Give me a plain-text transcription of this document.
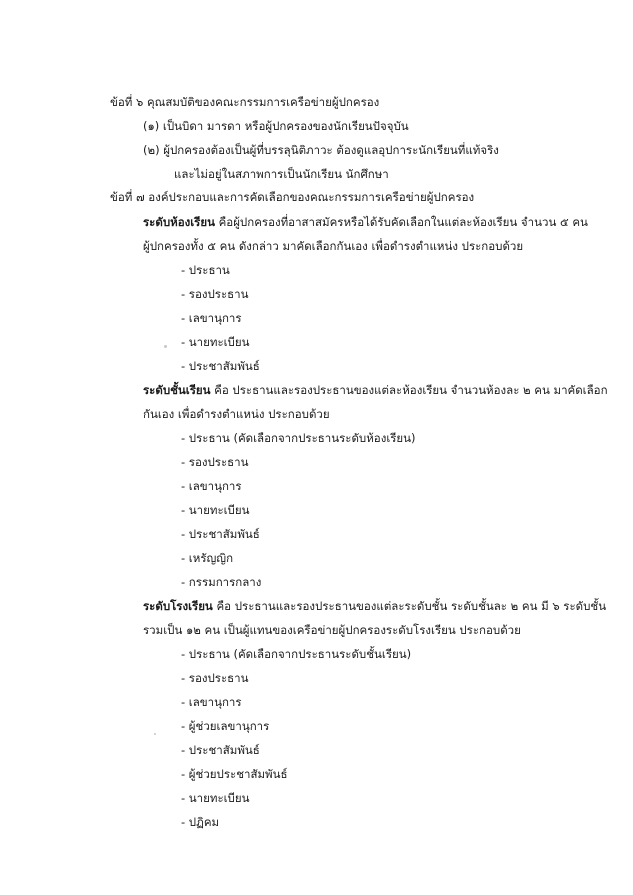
ข้อที่ ๖ คุณสมบัติของคณะกรรมการเครือข่ายผู้ปกครอง
(๑) เป็นบิดา มารดา หรือผู้ปกครองของนักเรียนปัจจุบัน
(๒) ผู้ปกครองต้องเป็นผู้ที่บรรลุนิติภาวะ ต้องดูแลอุปการะนักเรียนที่แท้จริง
และไม่อยู่ในสภาพการเป็นนักเรียน นักศึกษา
ข้อที่ ๗ องค์ประกอบและการคัดเลือกของคณะกรรมการเครือข่ายผู้ปกครอง
ระดับห้องเรียน คือผู้ปกครองที่อาสาสมัครหรือได้รับคัดเลือกในแต่ละห้องเรียน จำนวน ๕ คน
ผู้ปกครองทั้ง ๕ คน ดังกล่าว มาคัดเลือกกันเอง เพื่อดำรงตำแหน่ง ประกอบด้วย
- ประธาน
- รองประธาน
- เลขานุการ
- นายทะเบียน
- ประชาสัมพันธ์
ระดับชั้นเรียน คือ ประธานและรองประธานของแต่ละห้องเรียน จำนวนห้องละ ๒ คน มาคัดเลือก
กันเอง เพื่อดำรงตำแหน่ง ประกอบด้วย
- ประธาน (คัดเลือกจากประธานระดับห้องเรียน)
- รองประธาน
- เลขานุการ
- นายทะเบียน
- ประชาสัมพันธ์
- เหรัญญิก
- กรรมการกลาง
ระดับโรงเรียน คือ ประธานและรองประธานของแต่ละระดับชั้น ระดับชั้นละ ๒ คน มี ๖ ระดับชั้น
รวมเป็น ๑๒ คน เป็นผู้แทนของเครือข่ายผู้ปกครองระดับโรงเรียน ประกอบด้วย
- ประธาน (คัดเลือกจากประธานระดับชั้นเรียน)
- รองประธาน
- เลขานุการ
- ผู้ช่วยเลขานุการ
- ประชาสัมพันธ์
- ผู้ช่วยประชาสัมพันธ์
- นายทะเบียน
- ปฏิคม
